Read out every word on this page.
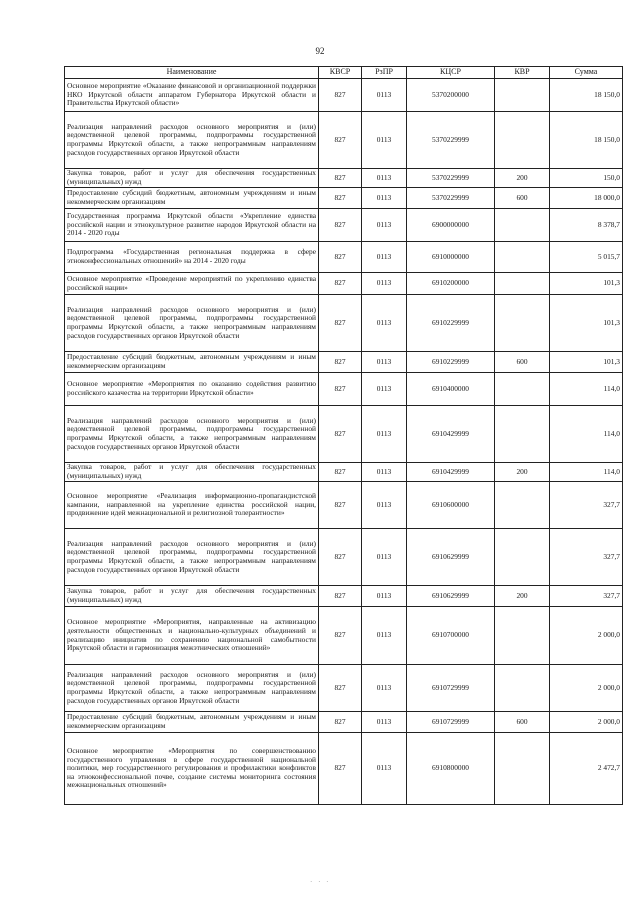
92
Наименование	КВСР	РзПР	КЦСР	КВР	Сумма
Основное мероприятие «Оказание финансовой и организационной поддержки НКО Иркутской области аппаратом Губернатора Иркутской области и Правительства Иркутской области»	827	0113	5370200000		18 150,0
Реализация направлений расходов основного мероприятия и (или) ведомственной целевой программы, подпрограммы государственной программы Иркутской области, а также непрограммным направлениям расходов государственных органов Иркутской области	827	0113	5370229999		18 150,0
Закупка товаров, работ и услуг для обеспечения государственных (муниципальных) нужд	827	0113	5370229999	200	150,0
Предоставление субсидий бюджетным, автономным учреждениям и иным некоммерческим организациям	827	0113	5370229999	600	18 000,0
Государственная программа Иркутской области «Укрепление единства российской нации и этнокультурное развитие народов Иркутской области на 2014 - 2020 годы	827	0113	6900000000		8 378,7
Подпрограмма «Государственная региональная поддержка в сфере этноконфессиональных отношений» на 2014 - 2020 годы	827	0113	6910000000		5 015,7
Основное мероприятие «Проведение мероприятий по укреплению единства российской нации»	827	0113	6910200000		101,3
Реализация направлений расходов основного мероприятия и (или) ведомственной целевой программы, подпрограммы государственной программы Иркутской области, а также непрограммным направлениям расходов государственных органов Иркутской области	827	0113	6910229999		101,3
Предоставление субсидий бюджетным, автономным учреждениям и иным некоммерческим организациям	827	0113	6910229999	600	101,3
Основное мероприятие «Мероприятия по оказанию содействия развитию российского казачества на территории Иркутской области»	827	0113	6910400000		114,0
Реализация направлений расходов основного мероприятия и (или) ведомственной целевой программы, подпрограммы государственной программы Иркутской области, а также непрограммным направлениям расходов государственных органов Иркутской области	827	0113	6910429999		114,0
Закупка товаров, работ и услуг для обеспечения государственных (муниципальных) нужд	827	0113	6910429999	200	114,0
Основное мероприятие «Реализация информационно-пропагандистской кампании, направленной на укрепление единства российской нации, продвижение идей межнациональной и религиозной толерантности»	827	0113	6910600000		327,7
Реализация направлений расходов основного мероприятия и (или) ведомственной целевой программы, подпрограммы государственной программы Иркутской области, а также непрограммным направлениям расходов государственных органов Иркутской области	827	0113	6910629999		327,7
Закупка товаров, работ и услуг для обеспечения государственных (муниципальных) нужд	827	0113	6910629999	200	327,7
Основное мероприятие «Мероприятия, направленные на активизацию деятельности общественных и национально-культурных объединений и реализацию инициатив по сохранению национальной самобытности Иркутской области и гармонизация межэтнических отношений»	827	0113	6910700000		2 000,0
Реализация направлений расходов основного мероприятия и (или) ведомственной целевой программы, подпрограммы государственной программы Иркутской области, а также непрограммным направлениям расходов государственных органов Иркутской области	827	0113	6910729999		2 000,0
Предоставление субсидий бюджетным, автономным учреждениям и иным некоммерческим организациям	827	0113	6910729999	600	2 000,0
Основное мероприятие «Мероприятия по совершенствованию государственного управления в сфере государственной национальной политики, мер государственного регулирования и профилактики конфликтов на этноконфессиональной почве, создание системы мониторинга состояния межнациональных отношений»	827	0113	6910800000		2 472,7
· · ·
